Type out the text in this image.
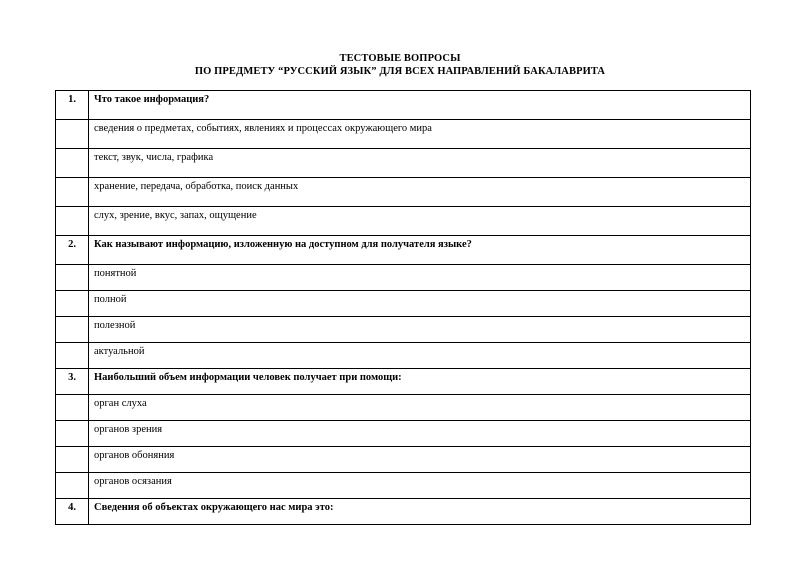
ТЕСТОВЫЕ ВОПРОСЫ
ПО ПРЕДМЕТУ “РУССКИЙ ЯЗЫК” ДЛЯ ВСЕХ НАПРАВЛЕНИЙ БАКАЛАВРИТА
1.	Что такое информация?
	сведения о предметах, событиях, явлениях и процессах окружающего мира
	текст, звук, числа, графика
	хранение, передача, обработка, поиск данных
	слух, зрение, вкус, запах, ощущение
2.	Как называют информацию, изложенную на доступном для получателя языке?
	понятной
	полной
	полезной
	актуальной
3.	Наибольший объем информации человек получает при помощи:
	орган слуха
	органов зрения
	органов обоняния
	органов осязания
4.	Сведения об объектах окружающего нас мира это:
